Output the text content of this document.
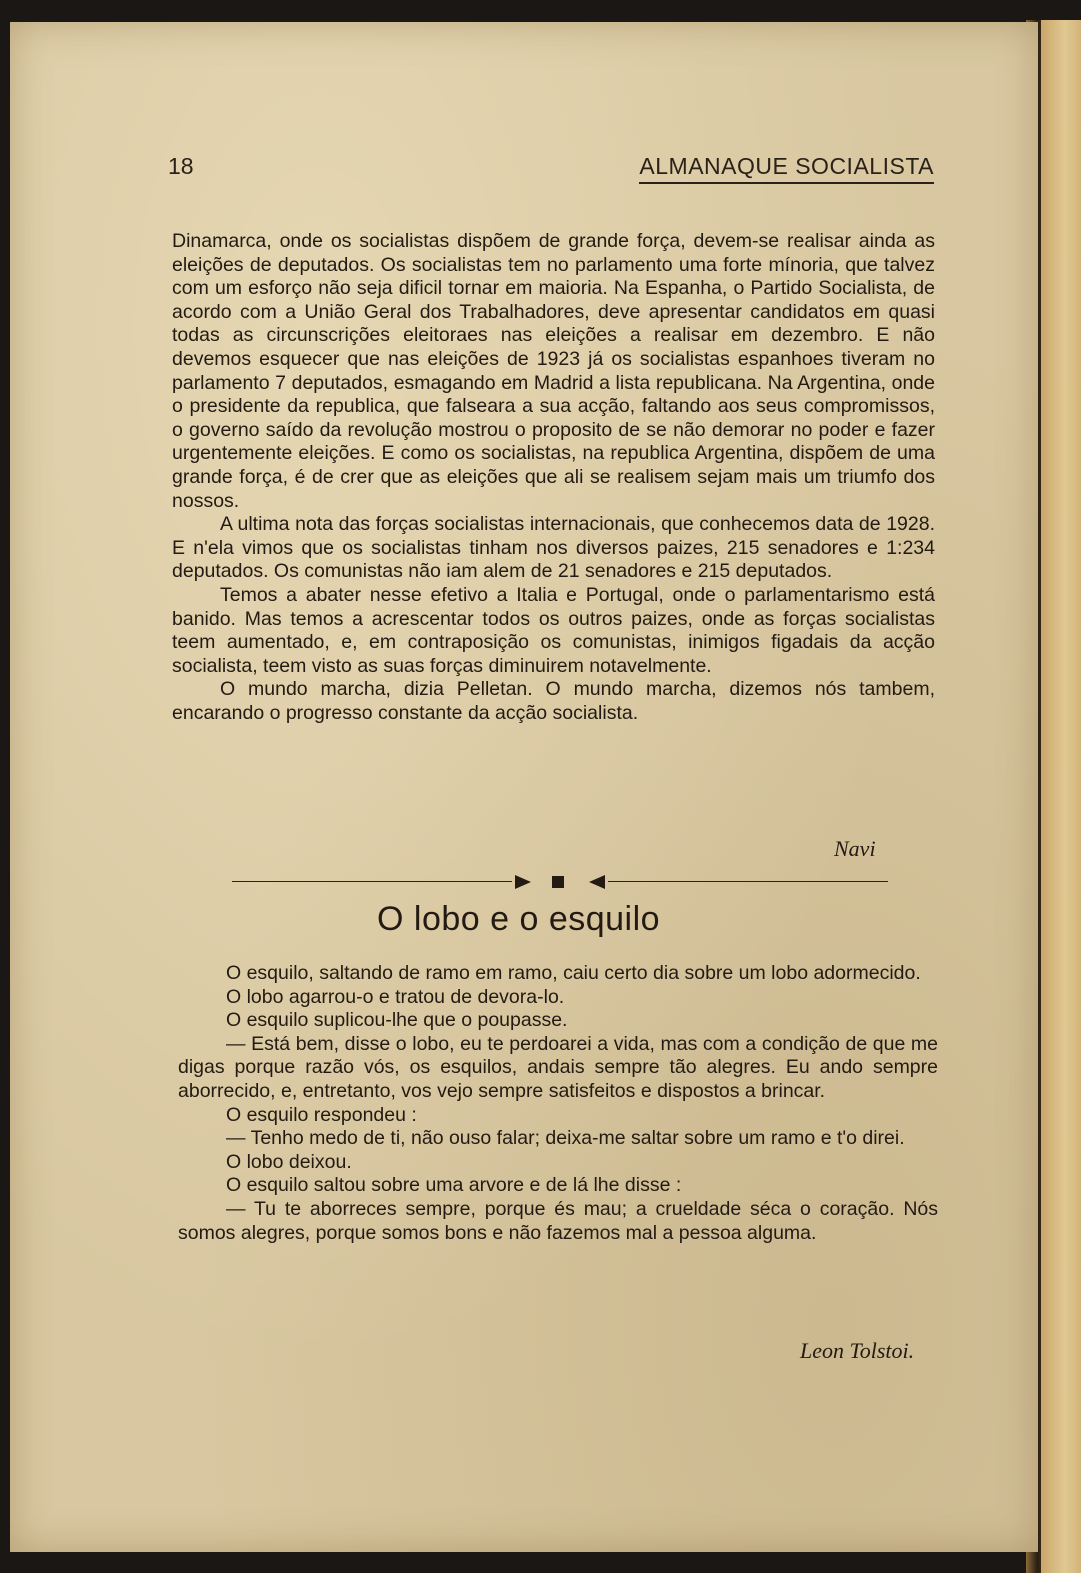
18	ALMANAQUE SOCIALISTA

Dinamarca, onde os socialistas dispõem de grande força, devem-se realisar ainda as eleições de deputados. Os socialistas tem no parlamento uma forte mínoria, que talvez com um esforço não seja dificil tornar em maioria. Na Espanha, o Partido Socialista, de acordo com a União Geral dos Trabalhadores, deve apresentar candidatos em quasi todas as circunscrições eleitoraes nas eleições a realisar em dezembro. E não devemos esquecer que nas eleições de 1923 já os socialistas espanhoes tiveram no parlamento 7 deputados, esmagando em Madrid a lista republicana. Na Argentina, onde o presidente da republica, que falseara a sua acção, faltando aos seus compromissos, o governo saído da revolução mostrou o proposito de se não demorar no poder e fazer urgentemente eleições. E como os socialistas, na republica Argentina, dispõem de uma grande força, é de crer que as eleições que ali se realisem sejam mais um triumfo dos nossos.

A ultima nota das forças socialistas internacionais, que conhecemos data de 1928. E n'ela vimos que os socialistas tinham nos diversos paizes, 215 senadores e 1:234 deputados. Os comunistas não iam alem de 21 senadores e 215 deputados.

Temos a abater nesse efetivo a Italia e Portugal, onde o parlamentarismo está banido. Mas temos a acrescentar todos os outros paizes, onde as forças socialistas teem aumentado, e, em contraposição os comunistas, inimigos figadais da acção socialista, teem visto as suas forças diminuirem notavelmente.

O mundo marcha, dizia Pelletan. O mundo marcha, dizemos nós tambem, encarando o progresso constante da acção socialista.

Navi
O lobo e o esquilo

O esquilo, saltando de ramo em ramo, caiu certo dia sobre um lobo adormecido.

O lobo agarrou-o e tratou de devora-lo.

O esquilo suplicou-lhe que o poupasse.

— Está bem, disse o lobo, eu te perdoarei a vida, mas com a condição de que me digas porque razão vós, os esquilos, andais sempre tão alegres. Eu ando sempre aborrecido, e, entretanto, vos vejo sempre satisfeitos e dispostos a brincar.

O esquilo respondeu :

— Tenho medo de ti, não ouso falar; deixa-me saltar sobre um ramo e t'o direi.

O lobo deixou.

O esquilo saltou sobre uma arvore e de lá lhe disse :

— Tu te aborreces sempre, porque és mau; a crueldade séca o coração. Nós somos alegres, porque somos bons e não fazemos mal a pessoa alguma.

Leon Tolstoi.
